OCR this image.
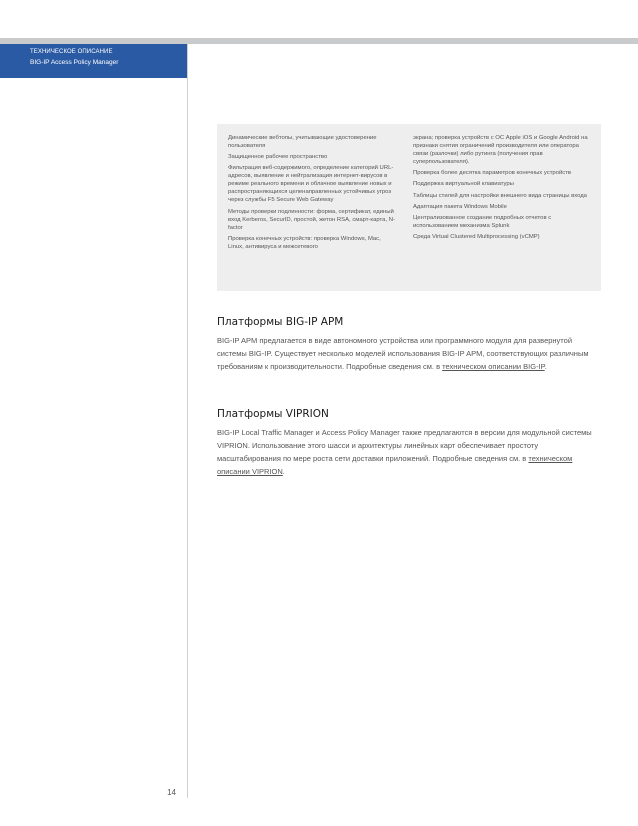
ТЕХНИЧЕСКОЕ ОПИСАНИЕ
BIG-IP Access Policy Manager
Динамические вебтопы, учитывающие удостоверение пользователя
Защищенное рабочее пространство
Фильтрация веб-содержимого, определение категорий URL-адресов, выявление и нейтрализация интернет-вирусов в режиме реального времени и облачное выявление новых и распространяющихся целенаправленных устойчивых угроз через службы F5 Secure Web Gateway
Методы проверки подлинности: форма, сертификат, единый вход Kerberos, SecurID, простой, жетон RSA, смарт-карта, N-factor
Проверка конечных устройств: проверка Windows, Mac, Linux, антивируса и межсетевого
экрана; проверка устройств с ОС Apple iOS и Google Android на признаки снятия ограничений производителя или оператора связи (разлочки) либо рутинга (получения прав суперпользователя).
Проверка более десятка параметров конечных устройств
Поддержка виртуальной клавиатуры
Таблицы стилей для настройки внешнего вида страницы входа
Адаптация пакета Windows Mobile
Централизованное создание подробных отчетов с использованием механизма Splunk
Среда Virtual Clustered Multiprocessing (vCMP)
Платформы BIG-IP APM
BIG-IP APM предлагается в виде автономного устройства или программного модуля для развернутой системы BIG-IP. Существует несколько моделей использования BIG-IP APM, соответствующих различным требованиям к производительности. Подробные сведения см. в техническом описании BIG-IP.
Платформы VIPRION
BIG-IP Local Traffic Manager и Access Policy Manager также предлагаются в версии для модульной системы VIPRION. Использование этого шасси и архитектуры линейных карт обеспечивает простоту масштабирования по мере роста сети доставки приложений. Подробные сведения см. в техническом описании VIPRION.
14
